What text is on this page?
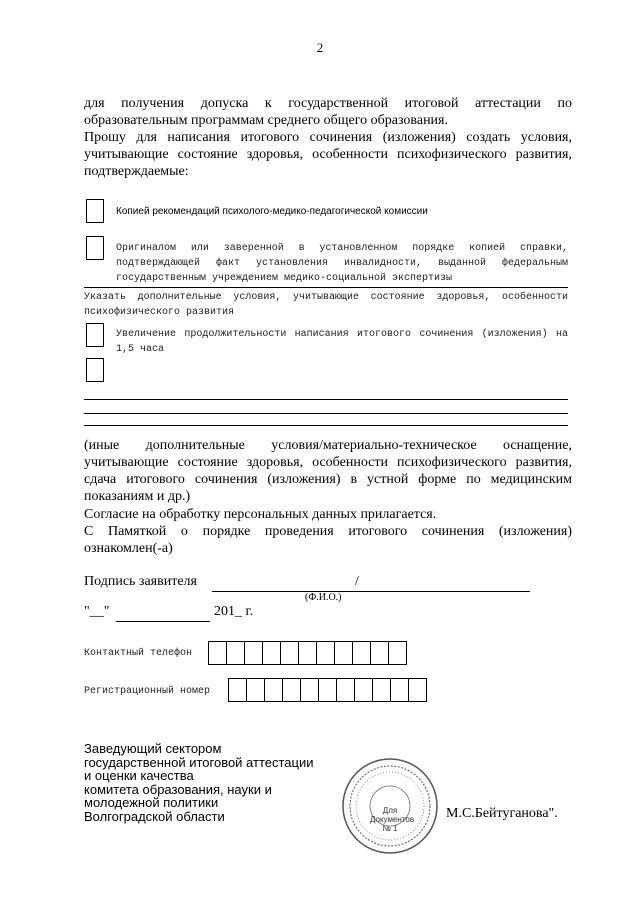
2
для получения допуска к государственной итоговой аттестации по образовательным программам среднего общего образования.
Прошу для написания итогового сочинения (изложения) создать условия, учитывающие состояние здоровья, особенности психофизического развития, подтверждаемые:
Копией рекомендаций психолого-медико-педагогической комиссии
Оригиналом или заверенной в установленном порядке копией справки, подтверждающей факт установления инвалидности, выданной федеральным государственным учреждением медико-социальной экспертизы
Указать дополнительные условия, учитывающие состояние здоровья, особенности психофизического развития
Увеличение продолжительности написания итогового сочинения (изложения) на 1,5 часа
(иные дополнительные условия/материально-техническое оснащение, учитывающие состояние здоровья, особенности психофизического развития, сдача итогового сочинения (изложения) в устной форме по медицинским показаниям и др.)
Согласие на обработку персональных данных прилагается.
С Памяткой о порядке проведения итогового сочинения (изложения) ознакомлен(-а)
Подпись заявителя	/
(Ф.И.О.)
"__"	201_ г.
Контактный телефон
Регистрационный номер
Заведующий сектором
государственной итоговой аттестации
и оценки качества
комитета образования, науки и
молодежной политики
Волгоградской области	Для Документов № 1
М.С.Бейтуганова".
